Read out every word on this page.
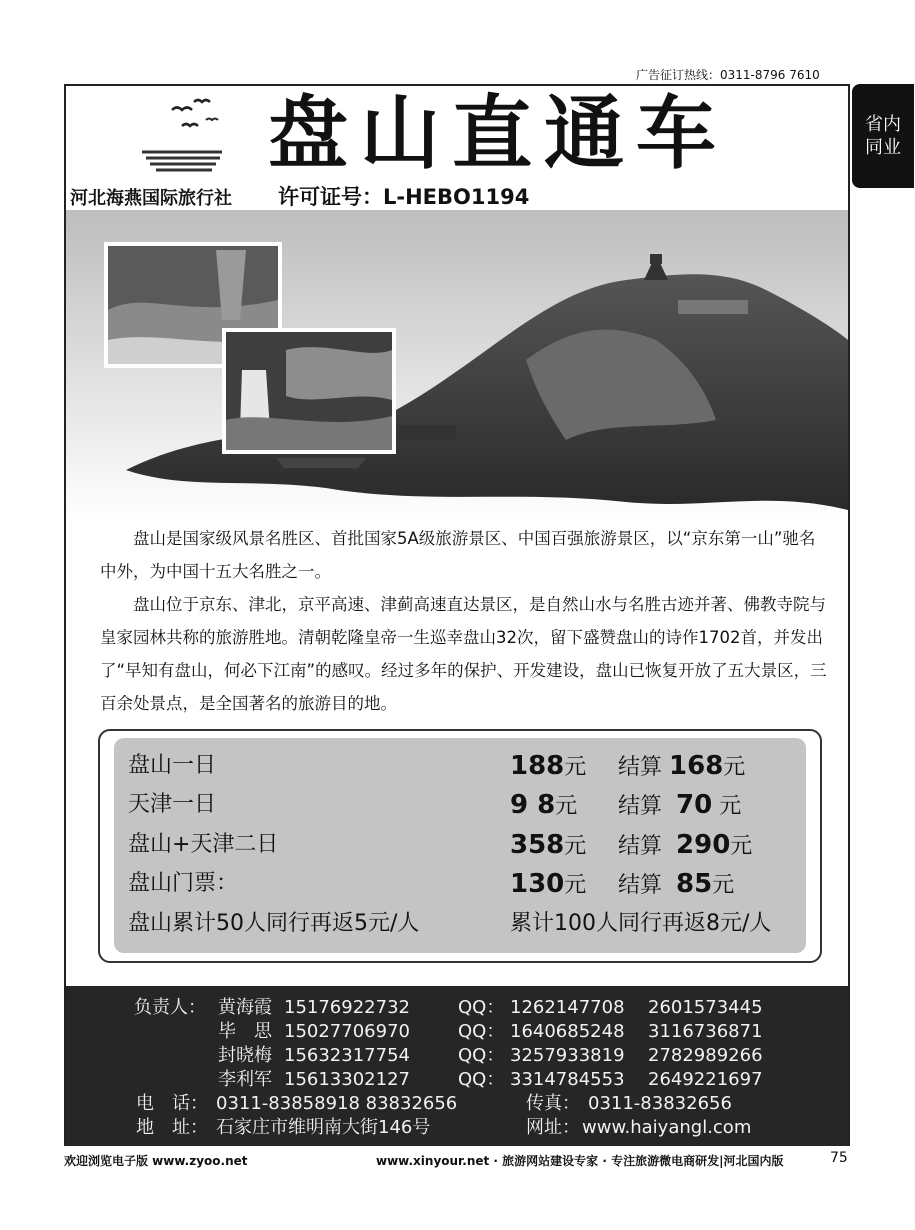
广告征订热线：0311-8796 7610
省内
同业
盘山直通车
河北海燕国际旅行社 许可证号：L-HEBO1194

盘山是国家级风景名胜区、首批国家5A级旅游景区、中国百强旅游景区，以“京东第一山”驰名中外，为中国十五大名胜之一。

盘山位于京东、津北，京平高速、津蓟高速直达景区，是自然山水与名胜古迹并著、佛教寺院与皇家园林共称的旅游胜地。清朝乾隆皇帝一生巡幸盘山32次，留下盛赞盘山的诗作1702首，并发出了“早知有盘山，何必下江南”的感叹。经过多年的保护、开发建设，盘山已恢复开放了五大景区，三百余处景点，是全国著名的旅游目的地。

盘山一日	188元 结算 168元
天津一日	9 8元 结算 70 元
盘山+天津二日	358元 结算 290元
盘山门票：	130元 结算 85元
盘山累计50人同行再返5元/人	累计100人同行再返8元/人
负责人： 黄海霞 15176922732	QQ： 1262147708 2601573445
毕　思 15027706970	QQ： 1640685248 3116736871
封晓梅 15632317754	QQ： 3257933819 2782989266
李利军 15613302127	QQ： 3314784553 2649221697
电　话： 0311-83858918 83832656	传真： 0311-83832656
地　址： 石家庄市维明南大街146号	网址： www.haiyangl.com
欢迎浏览电子版 www.zyoo.net	www.xinyour.net · 旅游网站建设专家 · 专注旅游微电商研发|河北国内版	75
